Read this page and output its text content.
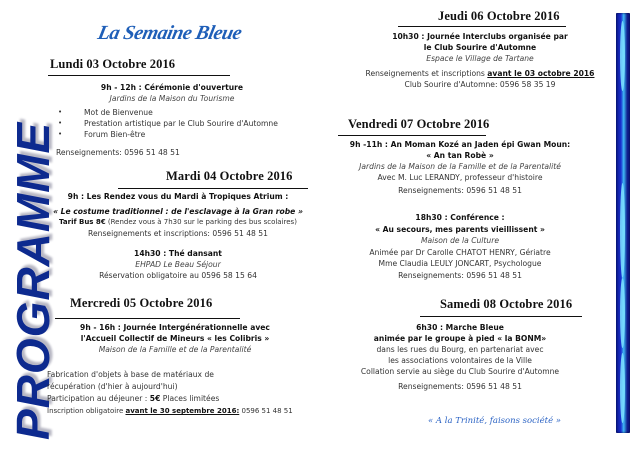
La Semaine Bleue
PROGRAMME
Lundi 03 Octobre 2016
9h - 12h : Cérémonie d'ouverture
Jardins de la Maison du Tourisme
• Mot de Bienvenue
• Prestation artistique par le Club Sourire d'Automne
• Forum Bien-être
Renseignements: 0596 51 48 51
Mardi 04 Octobre 2016
9h : Les Rendez vous du Mardi à Tropiques Atrium :
« Le costume traditionnel : de l'esclavage à la Gran robe »
Tarif Bus 8€ (Rendez vous à 7h30 sur le parking des bus scolaires)
Renseignements et inscriptions: 0596 51 48 51
14h30 : Thé dansant
EHPAD Le Beau Séjour
Réservation obligatoire au 0596 58 15 64
Mercredi 05 Octobre 2016
9h - 16h : Journée Intergénérationnelle avec
l'Accueil Collectif de Mineurs « les Colibris »
Maison de la Famille et de la Parentalité
Fabrication d'objets à base de matériaux de
récupération (d'hier à aujourd'hui)
Participation au déjeuner : 5€ Places limitées
Inscription obligatoire avant le 30 septembre 2016: 0596 51 48 51
Jeudi 06 Octobre 2016
10h30 : Journée Interclubs organisée par
le Club Sourire d'Automne
Espace le Village de Tartane
Renseignements et inscriptions avant le 03 octobre 2016
Club Sourire d'Automne: 0596 58 35 19
Vendredi 07 Octobre 2016
9h -11h : An Moman Kozé an Jaden épi Gwan Moun:
« An tan Robè »
Jardins de la Maison de la Famille et de la Parentalité
Avec M. Luc LERANDY, professeur d'histoire
Renseignements: 0596 51 48 51
18h30 : Conférence :
« Au secours, mes parents vieillissent »
Maison de la Culture
Animée par Dr Carolle CHATOT HENRY, Gériatre
Mme Claudia LEULY JONCART, Psychologue
Renseignements: 0596 51 48 51
Samedi 08 Octobre 2016
6h30 : Marche Bleue
animée par le groupe à pied « la BONM»
dans les rues du Bourg, en partenariat avec
les associations volontaires de la Ville
Collation servie au siège du Club Sourire d'Automne
Renseignements: 0596 51 48 51
« A la Trinité, faisons société »
